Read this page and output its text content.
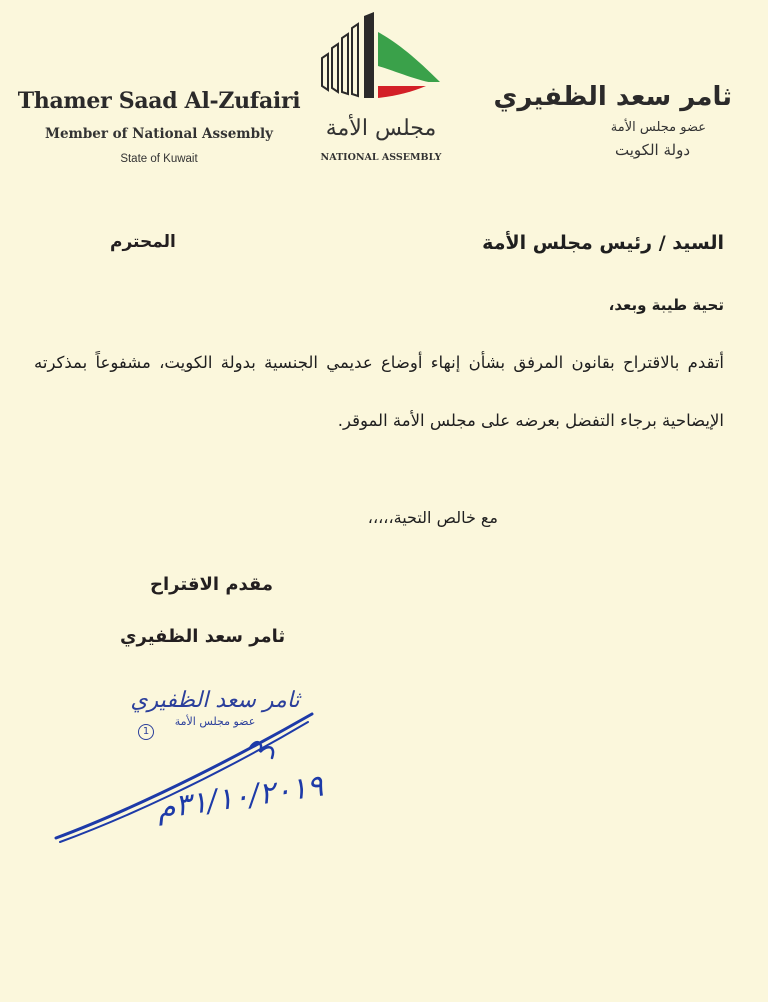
Thamer Saad Al-Zufairi
Member of National Assembly
State of Kuwait
مجلس الأمة
NATIONAL ASSEMBLY
ثامر سعد الظفيري
عضو مجلس الأمة
دولة الكويت
السيد / رئيس مجلس الأمة
المحترم
تحية طيبة وبعد،
أتقدم بالاقتراح بقانون المرفق بشأن إنهاء أوضاع عديمي الجنسية بدولة الكويت، مشفوعاً بمذكرته الإيضاحية برجاء التفضل بعرضه على مجلس الأمة الموقر.
مع خالص التحية،،،،،
مقدم الاقتراح
ثامر سعد الظفيري
ثامر سعد الظفيري
عضو مجلس الأمة
1
٣١/١٠/٢٠١٩م
